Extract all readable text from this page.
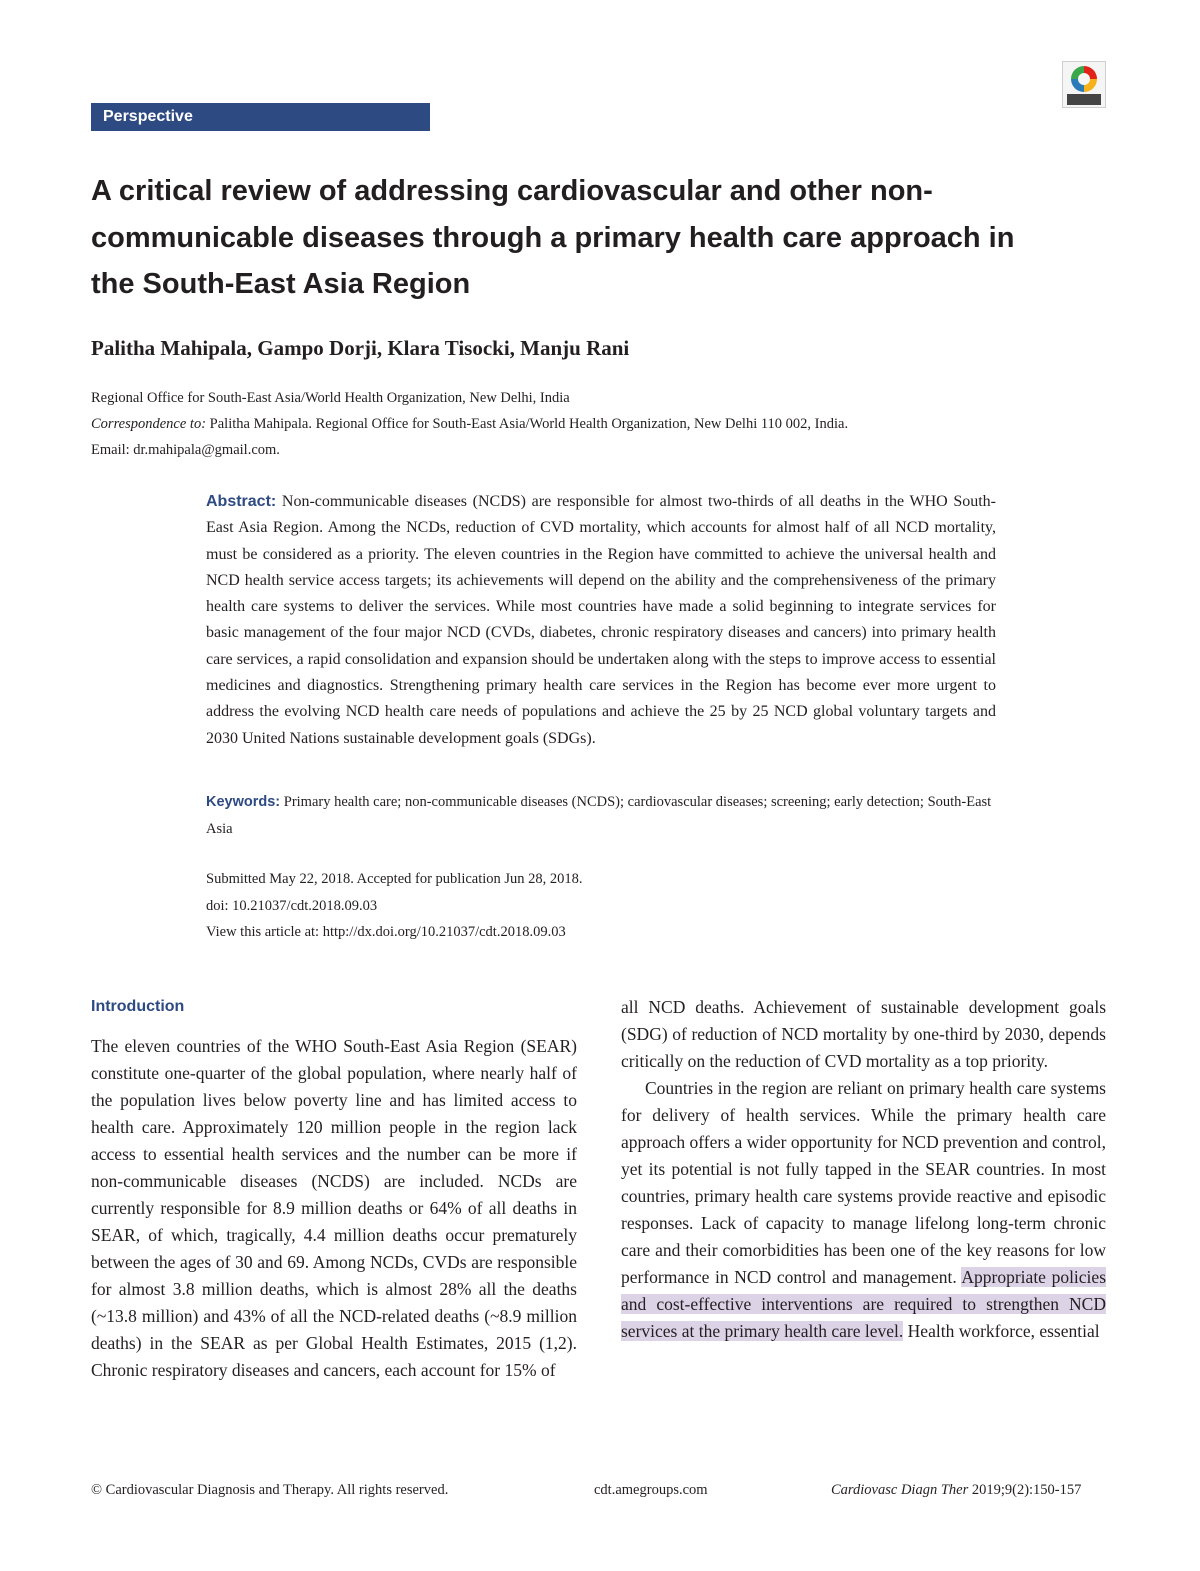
Perspective
A critical review of addressing cardiovascular and other non-communicable diseases through a primary health care approach in the South-East Asia Region
Palitha Mahipala, Gampo Dorji, Klara Tisocki, Manju Rani
Regional Office for South-East Asia/World Health Organization, New Delhi, India
Correspondence to: Palitha Mahipala. Regional Office for South-East Asia/World Health Organization, New Delhi 110 002, India.
Email: dr.mahipala@gmail.com.
Abstract: Non-communicable diseases (NCDS) are responsible for almost two-thirds of all deaths in the WHO South-East Asia Region. Among the NCDs, reduction of CVD mortality, which accounts for almost half of all NCD mortality, must be considered as a priority. The eleven countries in the Region have committed to achieve the universal health and NCD health service access targets; its achievements will depend on the ability and the comprehensiveness of the primary health care systems to deliver the services. While most countries have made a solid beginning to integrate services for basic management of the four major NCD (CVDs, diabetes, chronic respiratory diseases and cancers) into primary health care services, a rapid consolidation and expansion should be undertaken along with the steps to improve access to essential medicines and diagnostics. Strengthening primary health care services in the Region has become ever more urgent to address the evolving NCD health care needs of populations and achieve the 25 by 25 NCD global voluntary targets and 2030 United Nations sustainable development goals (SDGs).
Keywords: Primary health care; non-communicable diseases (NCDS); cardiovascular diseases; screening; early detection; South-East Asia
Submitted May 22, 2018. Accepted for publication Jun 28, 2018.
doi: 10.21037/cdt.2018.09.03
View this article at: http://dx.doi.org/10.21037/cdt.2018.09.03
Introduction

The eleven countries of the WHO South-East Asia Region (SEAR) constitute one-quarter of the global population, where nearly half of the population lives below poverty line and has limited access to health care. Approximately 120 million people in the region lack access to essential health services and the number can be more if non-communicable diseases (NCDS) are included. NCDs are currently responsible for 8.9 million deaths or 64% of all deaths in SEAR, of which, tragically, 4.4 million deaths occur prematurely between the ages of 30 and 69. Among NCDs, CVDs are responsible for almost 3.8 million deaths, which is almost 28% all the deaths (~13.8 million) and 43% of all the NCD-related deaths (~8.9 million deaths) in the SEAR as per Global Health Estimates, 2015 (1,2). Chronic respiratory diseases and cancers, each account for 15% of

all NCD deaths. Achievement of sustainable development goals (SDG) of reduction of NCD mortality by one-third by 2030, depends critically on the reduction of CVD mortality as a top priority.

Countries in the region are reliant on primary health care systems for delivery of health services. While the primary health care approach offers a wider opportunity for NCD prevention and control, yet its potential is not fully tapped in the SEAR countries. In most countries, primary health care systems provide reactive and episodic responses. Lack of capacity to manage lifelong long-term chronic care and their comorbidities has been one of the key reasons for low performance in NCD control and management. Appropriate policies and cost-effective interventions are required to strengthen NCD services at the primary health care level. Health workforce, essential

© Cardiovascular Diagnosis and Therapy. All rights reserved.	cdt.amegroups.com	Cardiovasc Diagn Ther 2019;9(2):150-157
